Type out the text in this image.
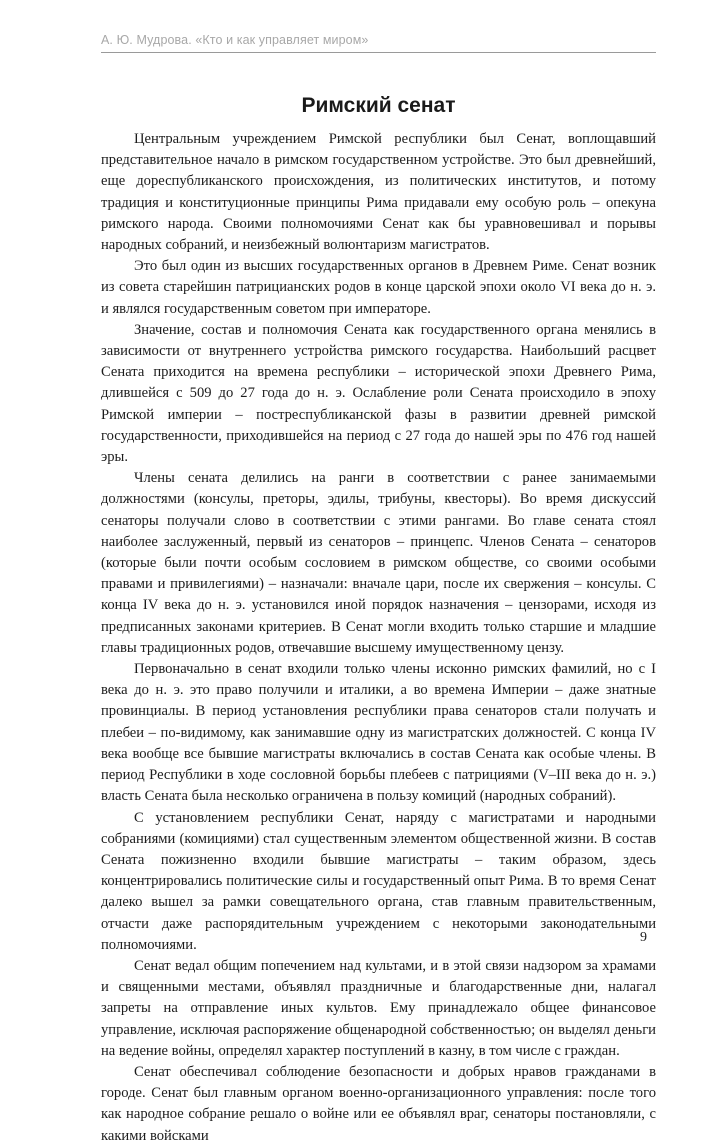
А. Ю. Мудрова. «Кто и как управляет миром»
Римский сенат

Центральным учреждением Римской республики был Сенат, воплощавший представительное начало в римском государственном устройстве. Это был древнейший, еще дореспубликанского происхождения, из политических институтов, и потому традиция и конституционные принципы Рима придавали ему особую роль – опекуна римского народа. Своими полномочиями Сенат как бы уравновешивал и порывы народных собраний, и неизбежный волюнтаризм магистратов.

Это был один из высших государственных органов в Древнем Риме. Сенат возник из совета старейшин патрицианских родов в конце царской эпохи около VI века до н. э. и являлся государственным советом при императоре.

Значение, состав и полномочия Сената как государственного органа менялись в зависимости от внутреннего устройства римского государства. Наибольший расцвет Сената приходится на времена республики – исторической эпохи Древнего Рима, длившейся с 509 до 27 года до н. э. Ослабление роли Сената происходило в эпоху Римской империи – постреспубликанской фазы в развитии древней римской государственности, приходившейся на период с 27 года до нашей эры по 476 год нашей эры.

Члены сената делились на ранги в соответствии с ранее занимаемыми должностями (консулы, преторы, эдилы, трибуны, квесторы). Во время дискуссий сенаторы получали слово в соответствии с этими рангами. Во главе сената стоял наиболее заслуженный, первый из сенаторов – принцепс. Членов Сената – сенаторов (которые были почти особым сословием в римском обществе, со своими особыми правами и привилегиями) – назначали: вначале цари, после их свержения – консулы. С конца IV века до н. э. установился иной порядок назначения – цензорами, исходя из предписанных законами критериев. В Сенат могли входить только старшие и младшие главы традиционных родов, отвечавшие высшему имущественному цензу.

Первоначально в сенат входили только члены исконно римских фамилий, но с I века до н. э. это право получили и италики, а во времена Империи – даже знатные провинциалы. В период установления республики права сенаторов стали получать и плебеи – по-видимому, как занимавшие одну из магистратских должностей. С конца IV века вообще все бывшие магистраты включались в состав Сената как особые члены. В период Республики в ходе сословной борьбы плебеев с патрициями (V–III века до н. э.) власть Сената была несколько ограничена в пользу комиций (народных собраний).

С установлением республики Сенат, наряду с магистратами и народными собраниями (комициями) стал существенным элементом общественной жизни. В состав Сената пожизненно входили бывшие магистраты – таким образом, здесь концентрировались политические силы и государственный опыт Рима. В то время Сенат далеко вышел за рамки совещательного органа, став главным правительственным, отчасти даже распорядительным учреждением с некоторыми законодательными полномочиями.

Сенат ведал общим попечением над культами, и в этой связи надзором за храмами и священными местами, объявлял праздничные и благодарственные дни, налагал запреты на отправление иных культов. Ему принадлежало общее финансовое управление, исключая распоряжение общенародной собственностью; он выделял деньги на ведение войны, определял характер поступлений в казну, в том числе с граждан.

Сенат обеспечивал соблюдение безопасности и добрых нравов гражданами в городе. Сенат был главным органом военно-организационного управления: после того как народное собрание решало о войне или ее объявлял враг, сенаторы постановляли, с какими войсками

9
